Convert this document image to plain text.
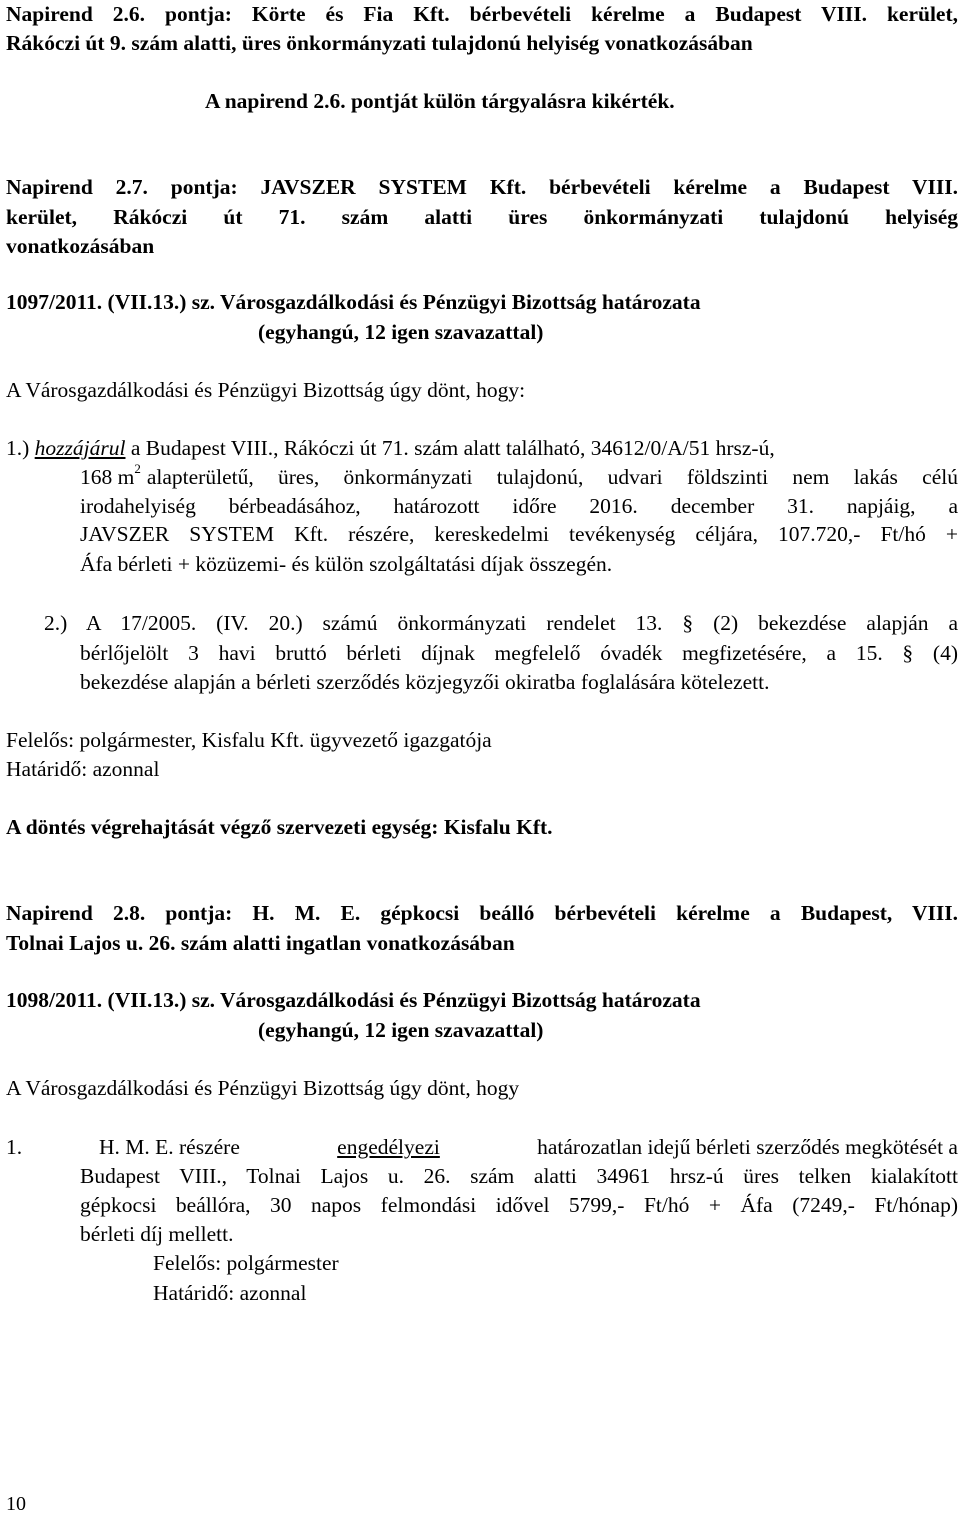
Napirend 2.6. pontja: Körte és Fia Kft. bérbevételi kérelme a Budapest VIII. kerület,
Rákóczi út 9. szám alatti, üres önkormányzati tulajdonú helyiség vonatkozásában
A napirend 2.6. pontját külön tárgyalásra kikérték.
Napirend 2.7. pontja: JAVSZER SYSTEM Kft. bérbevételi kérelme a Budapest VIII.
kerület, Rákóczi út 71. szám alatti üres önkormányzati tulajdonú helyiség
vonatkozásában
1097/2011. (VII.13.) sz. Városgazdálkodási és Pénzügyi Bizottság határozata
(egyhangú, 12 igen szavazattal)
A Városgazdálkodási és Pénzügyi Bizottság úgy dönt, hogy:
1.) hozzájárul a Budapest VIII., Rákóczi út 71. szám alatt található, 34612/0/A/51 hrsz-ú,
168 $m^2$ alapterületű, üres, önkormányzati tulajdonú, udvari földszinti nem lakás célú
irodahelyiség bérbeadásához, határozott időre 2016. december 31. napjáig, a
JAVSZER SYSTEM Kft. részére, kereskedelmi tevékenység céljára, 107.720,- Ft/hó +
Áfa bérleti + közüzemi- és külön szolgáltatási díjak összegén.
2.) A 17/2005. (IV. 20.) számú önkormányzati rendelet 13. § (2) bekezdése alapján a
bérlőjelölt 3 havi bruttó bérleti díjnak megfelelő óvadék megfizetésére, a 15. § (4)
bekezdése alapján a bérleti szerződés közjegyzői okiratba foglalására kötelezett.
Felelős: polgármester, Kisfalu Kft. ügyvezető igazgatója
Határidő: azonnal
A döntés végrehajtását végző szervezeti egység: Kisfalu Kft.
Napirend 2.8. pontja: H. M. E. gépkocsi beálló bérbevételi kérelme a Budapest, VIII.
Tolnai Lajos u. 26. szám alatti ingatlan vonatkozásában
1098/2011. (VII.13.) sz. Városgazdálkodási és Pénzügyi Bizottság határozata
(egyhangú, 12 igen szavazattal)
A Városgazdálkodási és Pénzügyi Bizottság úgy dönt, hogy
1.	H. M. E. részére	engedélyezi	határozatlan idejű bérleti szerződés megkötését a
Budapest VIII., Tolnai Lajos u. 26. szám alatti 34961 hrsz-ú üres telken kialakított
gépkocsi beállóra, 30 napos felmondási idővel 5799,- Ft/hó + Áfa (7249,- Ft/hónap)
bérleti díj mellett.
Felelős: polgármester
Határidő: azonnal
10
